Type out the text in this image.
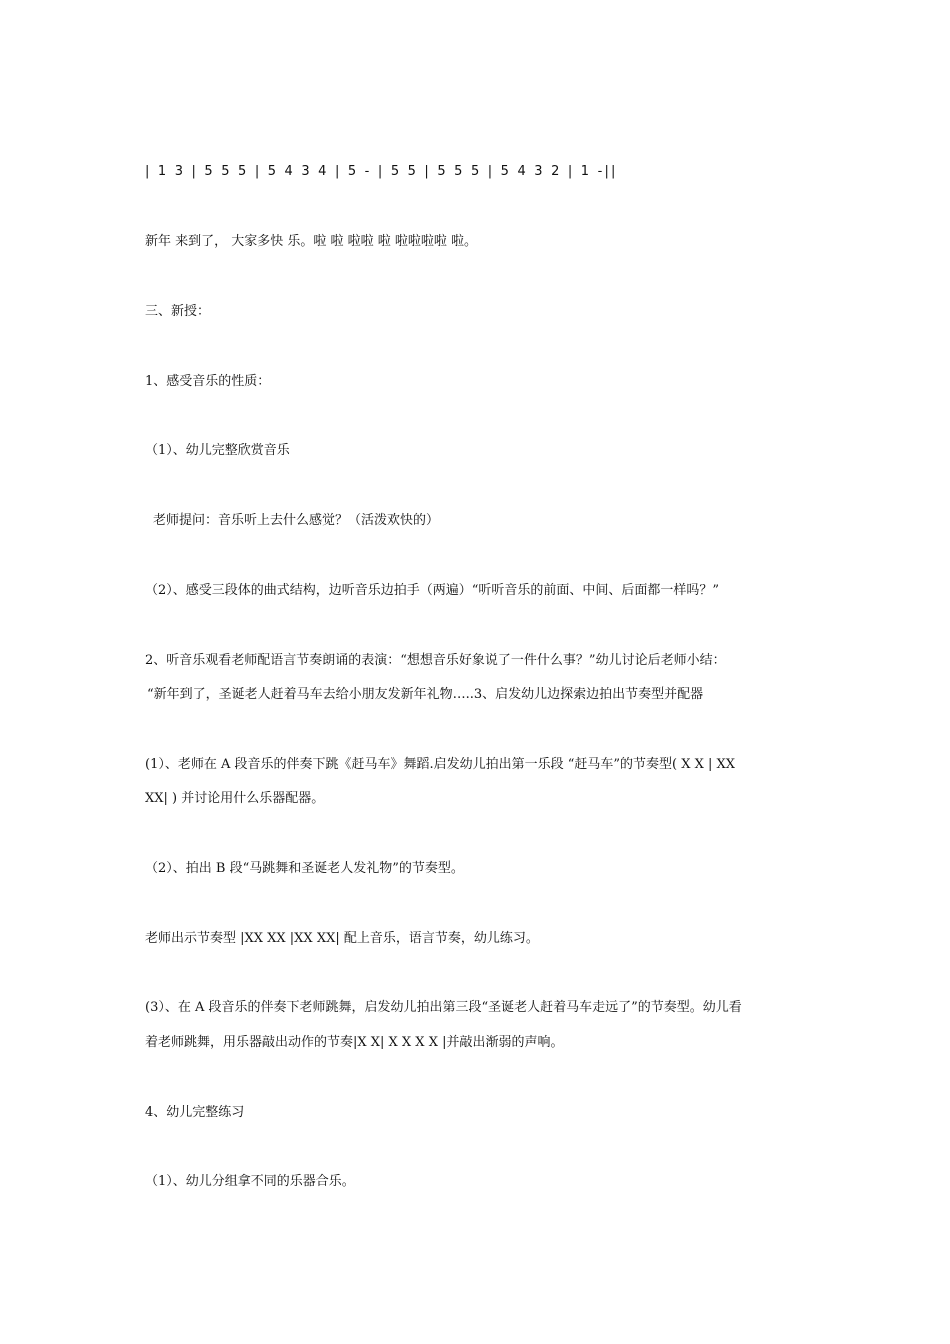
| 1 3 | 5 5 5 | 5 4 3 4 | 5 - | 5 5 | 5 5 5 | 5 4 3 2 | 1 -||
新年 来到了， 大家多快 乐。啦 啦 啦啦 啦 啦啦啦啦 啦。
三、新授：
1、感受音乐的性质：
（1）、幼儿完整欣赏音乐
老师提问：音乐听上去什么感觉？（活泼欢快的）
（2）、感受三段体的曲式结构，边听音乐边拍手（两遍）“听听音乐的前面、中间、后面都一样吗？”
2、听音乐观看老师配语言节奏朗诵的表演：“想想音乐好象说了一件什么事？”幼儿讨论后老师小结：
“新年到了，圣诞老人赶着马车去给小朋友发新年礼物…..3、启发幼儿边探索边拍出节奏型并配器
(1）、老师在 A 段音乐的伴奏下跳《赶马车》舞蹈.启发幼儿拍出第一乐段 “赶马车”的节奏型( X X | XX
XX| ) 并讨论用什么乐器配器。
（2）、拍出 B 段“马跳舞和圣诞老人发礼物”的节奏型。
老师出示节奏型 |XX XX |XX XX| 配上音乐，语言节奏，幼儿练习。
(3）、在 A 段音乐的伴奏下老师跳舞，启发幼儿拍出第三段“圣诞老人赶着马车走远了”的节奏型。幼儿看
着老师跳舞，用乐器敲出动作的节奏|X X| X X X X |并敲出渐弱的声响。
4、幼儿完整练习
（1）、幼儿分组拿不同的乐器合乐。
